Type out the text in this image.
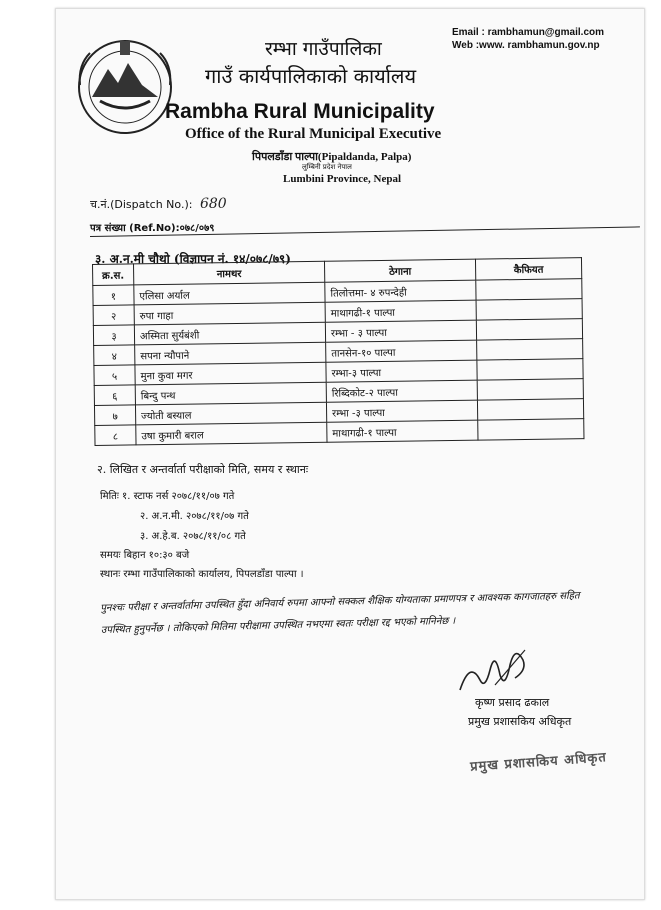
Email : rambhamun@gmail.com
Web :www. rambhamun.gov.np
रम्भा गाउँपालिका
गाउँ कार्यपालिकाको कार्यालय
Rambha Rural Municipality
Office of the Rural Municipal Executive
पिपलडाँडा पाल्पा(Pipaldanda, Palpa)
लुम्बिनी प्रदेश नेपाल
Lumbini Province, Nepal
च.नं.(Dispatch No.): 680
पत्र संख्या (Ref.No):०७८/०७९
३. अ.न.मी चौथो (विज्ञापन नं. १४/०७८/७९)
क्र.स.	नामथर	ठेगाना	कैफियत
१	एलिसा अर्याल	तिलोत्तमा- ४ रुपन्देही	
२	रुपा गाहा	माथागढी-१ पाल्पा	
३	अस्मिता सुर्यबंशी	रम्भा - ३ पाल्पा	
४	सपना न्यौपाने	तानसेन-१० पाल्पा	
५	मुना कुवा मगर	रम्भा-३ पाल्पा	
६	बिन्दु पन्थ	रिब्दिकोट-२ पाल्पा	
७	ज्योती बस्याल	रम्भा -३ पाल्पा	
८	उषा कुमारी बराल	माथागढी-१ पाल्पा	
२. लिखित र अन्तर्वार्ता परीक्षाको मिति, समय र स्थानः
मितिः १. स्टाफ नर्स २०७८/११/०७ गते
२. अ.न.मी. २०७८/११/०७ गते
३. अ.हे.ब. २०७८/११/०८ गते
समयः बिहान १०:३० बजे
स्थानः रम्भा गाउँपालिकाको कार्यालय, पिपलडाँडा पाल्पा ।
पुनश्चः परीक्षा र अन्तर्वार्तामा उपस्थित हुँदा अनिवार्य रुपमा आफ्नो सक्कल शैक्षिक योग्यताका प्रमाणपत्र र आवश्यक कागजातहरु सहित उपस्थित हुनुपर्नेछ । तोकिएको मितिमा परीक्षामा उपस्थित नभएमा स्वतः परीक्षा रद्द भएको मानिनेछ ।
कृष्ण प्रसाद ढकाल
प्रमुख प्रशासकिय अधिकृत
प्रमुख प्रशासकिय अधिकृत
